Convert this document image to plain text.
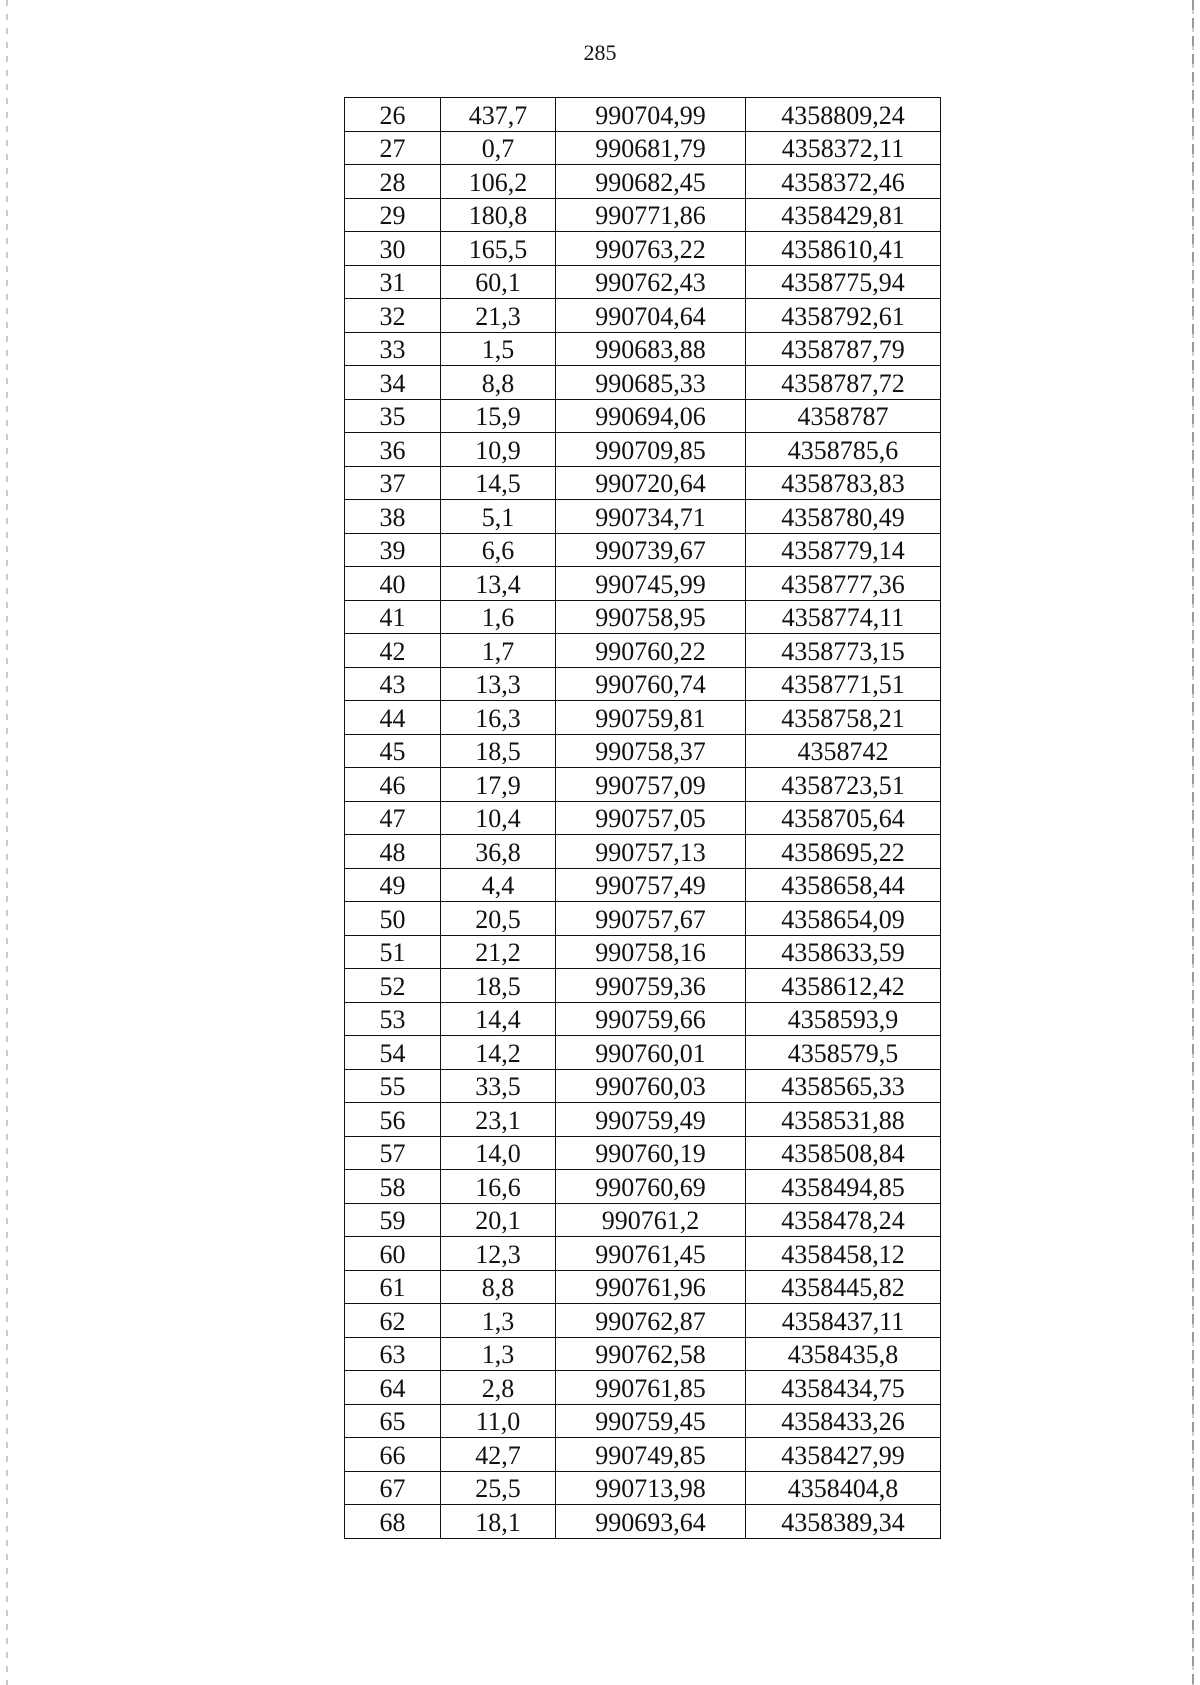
285
26	437,7	990704,99	4358809,24
27	0,7	990681,79	4358372,11
28	106,2	990682,45	4358372,46
29	180,8	990771,86	4358429,81
30	165,5	990763,22	4358610,41
31	60,1	990762,43	4358775,94
32	21,3	990704,64	4358792,61
33	1,5	990683,88	4358787,79
34	8,8	990685,33	4358787,72
35	15,9	990694,06	4358787
36	10,9	990709,85	4358785,6
37	14,5	990720,64	4358783,83
38	5,1	990734,71	4358780,49
39	6,6	990739,67	4358779,14
40	13,4	990745,99	4358777,36
41	1,6	990758,95	4358774,11
42	1,7	990760,22	4358773,15
43	13,3	990760,74	4358771,51
44	16,3	990759,81	4358758,21
45	18,5	990758,37	4358742
46	17,9	990757,09	4358723,51
47	10,4	990757,05	4358705,64
48	36,8	990757,13	4358695,22
49	4,4	990757,49	4358658,44
50	20,5	990757,67	4358654,09
51	21,2	990758,16	4358633,59
52	18,5	990759,36	4358612,42
53	14,4	990759,66	4358593,9
54	14,2	990760,01	4358579,5
55	33,5	990760,03	4358565,33
56	23,1	990759,49	4358531,88
57	14,0	990760,19	4358508,84
58	16,6	990760,69	4358494,85
59	20,1	990761,2	4358478,24
60	12,3	990761,45	4358458,12
61	8,8	990761,96	4358445,82
62	1,3	990762,87	4358437,11
63	1,3	990762,58	4358435,8
64	2,8	990761,85	4358434,75
65	11,0	990759,45	4358433,26
66	42,7	990749,85	4358427,99
67	25,5	990713,98	4358404,8
68	18,1	990693,64	4358389,34
